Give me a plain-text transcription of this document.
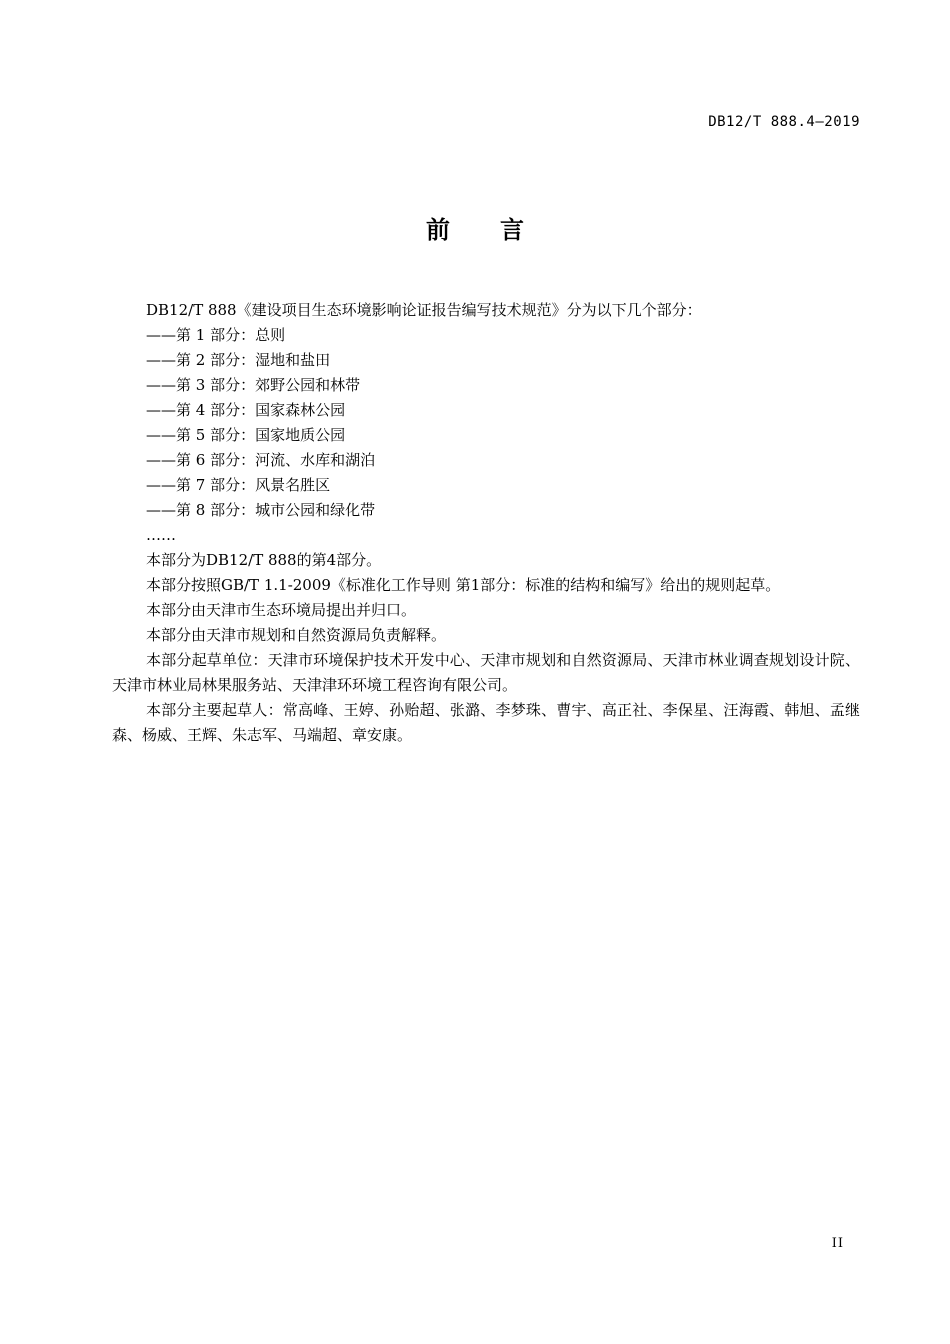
DB12/T 888.4—2019
前 言

DB12/T 888《建设项目生态环境影响论证报告编写技术规范》分为以下几个部分：

——第 1 部分：总则

——第 2 部分：湿地和盐田

——第 3 部分：郊野公园和林带

——第 4 部分：国家森林公园

——第 5 部分：国家地质公园

——第 6 部分：河流、水库和湖泊

——第 7 部分：风景名胜区

——第 8 部分：城市公园和绿化带

……

本部分为DB12/T 888的第4部分。

本部分按照GB/T 1.1-2009《标准化工作导则 第1部分：标准的结构和编写》给出的规则起草。

本部分由天津市生态环境局提出并归口。

本部分由天津市规划和自然资源局负责解释。

本部分起草单位：天津市环境保护技术开发中心、天津市规划和自然资源局、天津市林业调查规划设计院、天津市林业局林果服务站、天津津环环境工程咨询有限公司。

本部分主要起草人：常高峰、王婷、孙贻超、张潞、李梦珠、曹宇、高正社、李保星、汪海霞、韩旭、孟继森、杨威、王辉、朱志军、马端超、章安康。

II
